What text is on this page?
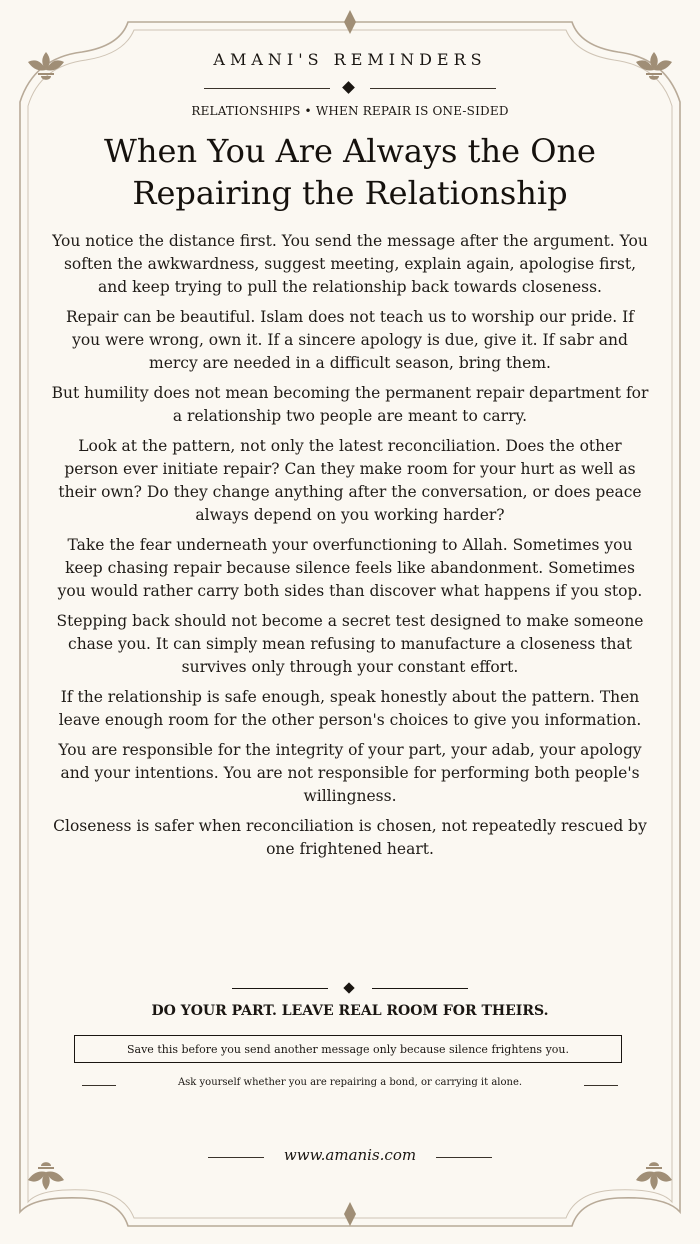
AMANI'S REMINDERS
RELATIONSHIPS • WHEN REPAIR IS ONE-SIDED
When You Are Always the One
Repairing the Relationship

You notice the distance first. You send the message after the argument. You soften the awkwardness, suggest meeting, explain again, apologise first, and keep trying to pull the relationship back towards closeness.

Repair can be beautiful. Islam does not teach us to worship our pride. If you were wrong, own it. If a sincere apology is due, give it. If sabr and mercy are needed in a difficult season, bring them.

But humility does not mean becoming the permanent repair department for a relationship two people are meant to carry.

Look at the pattern, not only the latest reconciliation. Does the other person ever initiate repair? Can they make room for your hurt as well as their own? Do they change anything after the conversation, or does peace always depend on you working harder?

Take the fear underneath your overfunctioning to Allah. Sometimes you keep chasing repair because silence feels like abandonment. Sometimes you would rather carry both sides than discover what happens if you stop.

Stepping back should not become a secret test designed to make someone chase you. It can simply mean refusing to manufacture a closeness that survives only through your constant effort.

If the relationship is safe enough, speak honestly about the pattern. Then leave enough room for the other person's choices to give you information.

You are responsible for the integrity of your part, your adab, your apology and your intentions. You are not responsible for performing both people's willingness.

Closeness is safer when reconciliation is chosen, not repeatedly rescued by one frightened heart.

DO YOUR PART. LEAVE REAL ROOM FOR THEIRS.
Save this before you send another message only because silence frightens you.
Ask yourself whether you are repairing a bond, or carrying it alone.
www.amanis.com
